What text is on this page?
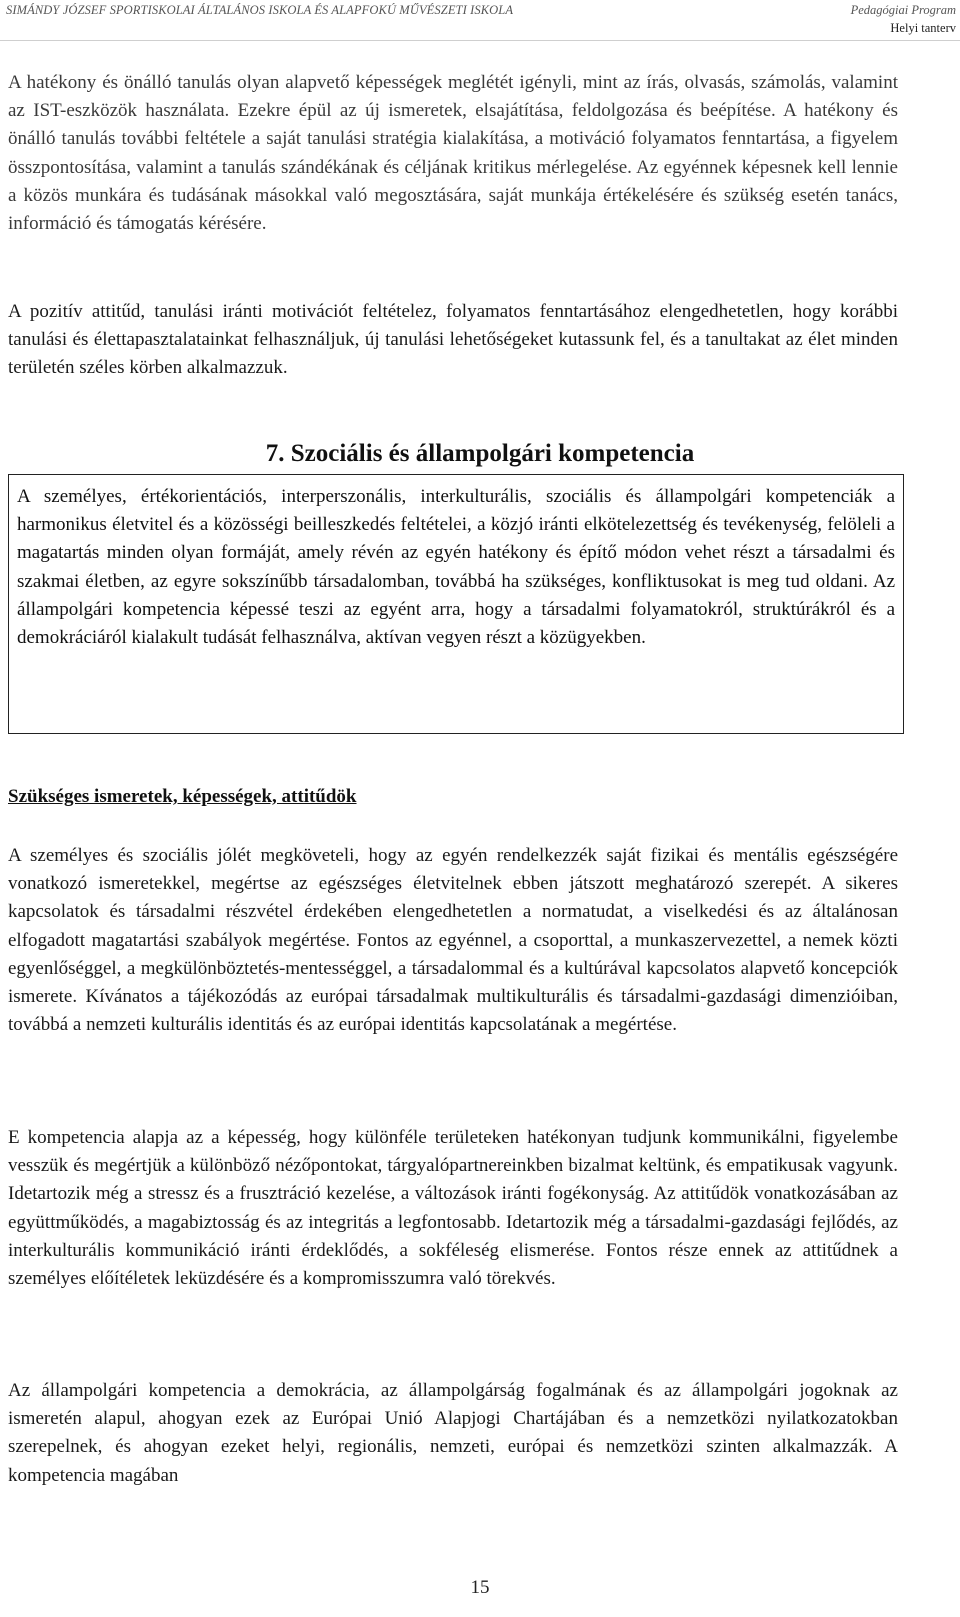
SIMÁNDY JÓZSEF SPORTISKOLAI ÁLTALÁNOS ISKOLA ÉS ALAPFOKÚ MŰVÉSZETI ISKOLA	Pedagógiai Program
Helyi tanterv

A hatékony és önálló tanulás olyan alapvető képességek meglétét igényli, mint az írás, olvasás, számolás, valamint az IST-eszközök használata. Ezekre épül az új ismeretek, elsajátítása, feldolgozása és beépítése. A hatékony és önálló tanulás további feltétele a saját tanulási stratégia kialakítása, a motiváció folyamatos fenntartása, a figyelem összpontosítása, valamint a tanulás szándékának és céljának kritikus mérlegelése. Az egyénnek képesnek kell lennie a közös munkára és tudásának másokkal való megosztására, saját munkája értékelésére és szükség esetén tanács, információ és támogatás kérésére.

A pozitív attitűd, tanulási iránti motivációt feltételez, folyamatos fenntartásához elengedhetetlen, hogy korábbi tanulási és élettapasztalatainkat felhasználjuk, új tanulási lehetőségeket kutassunk fel, és a tanultakat az élet minden területén széles körben alkalmazzuk.

7. Szociális és állampolgári kompetencia

A személyes, értékorientációs, interperszonális, interkulturális, szociális és állampolgári kompetenciák a harmonikus életvitel és a közösségi beilleszkedés feltételei, a közjó iránti elkötelezettség és tevékenység, felöleli a magatartás minden olyan formáját, amely révén az egyén hatékony és építő módon vehet részt a társadalmi és szakmai életben, az egyre sokszínűbb társadalomban, továbbá ha szükséges, konfliktusokat is meg tud oldani. Az állampolgári kompetencia képessé teszi az egyént arra, hogy a társadalmi folyamatokról, struktúrákról és a demokráciáról kialakult tudását felhasználva, aktívan vegyen részt a közügyekben.

Szükséges ismeretek, képességek, attitűdök

A személyes és szociális jólét megköveteli, hogy az egyén rendelkezzék saját fizikai és mentális egészségére vonatkozó ismeretekkel, megértse az egészséges életvitelnek ebben játszott meghatározó szerepét. A sikeres kapcsolatok és társadalmi részvétel érdekében elengedhetetlen a normatudat, a viselkedési és az általánosan elfogadott magatartási szabályok megértése. Fontos az egyénnel, a csoporttal, a munkaszervezettel, a nemek közti egyenlőséggel, a megkülönböztetés-mentességgel, a társadalommal és a kultúrával kapcsolatos alapvető koncepciók ismerete. Kívánatos a tájékozódás az európai társadalmak multikulturális és társadalmi-gazdasági dimenzióiban, továbbá a nemzeti kulturális identitás és az európai identitás kapcsolatának a megértése.

E kompetencia alapja az a képesség, hogy különféle területeken hatékonyan tudjunk kommunikálni, figyelembe vesszük és megértjük a különböző nézőpontokat, tárgyalópartnereinkben bizalmat keltünk, és empatikusak vagyunk. Idetartozik még a stressz és a frusztráció kezelése, a változások iránti fogékonyság. Az attitűdök vonatkozásában az együttműködés, a magabiztosság és az integritás a legfontosabb. Idetartozik még a társadalmi-gazdasági fejlődés, az interkulturális kommunikáció iránti érdeklődés, a sokféleség elismerése. Fontos része ennek az attitűdnek a személyes előítéletek leküzdésére és a kompromisszumra való törekvés.

Az állampolgári kompetencia a demokrácia, az állampolgárság fogalmának és az állampolgári jogoknak az ismeretén alapul, ahogyan ezek az Európai Unió Alapjogi Chartájában és a nemzetközi nyilatkozatokban szerepelnek, és ahogyan ezeket helyi, regionális, nemzeti, európai és nemzetközi szinten alkalmazzák. A kompetencia magában

15
